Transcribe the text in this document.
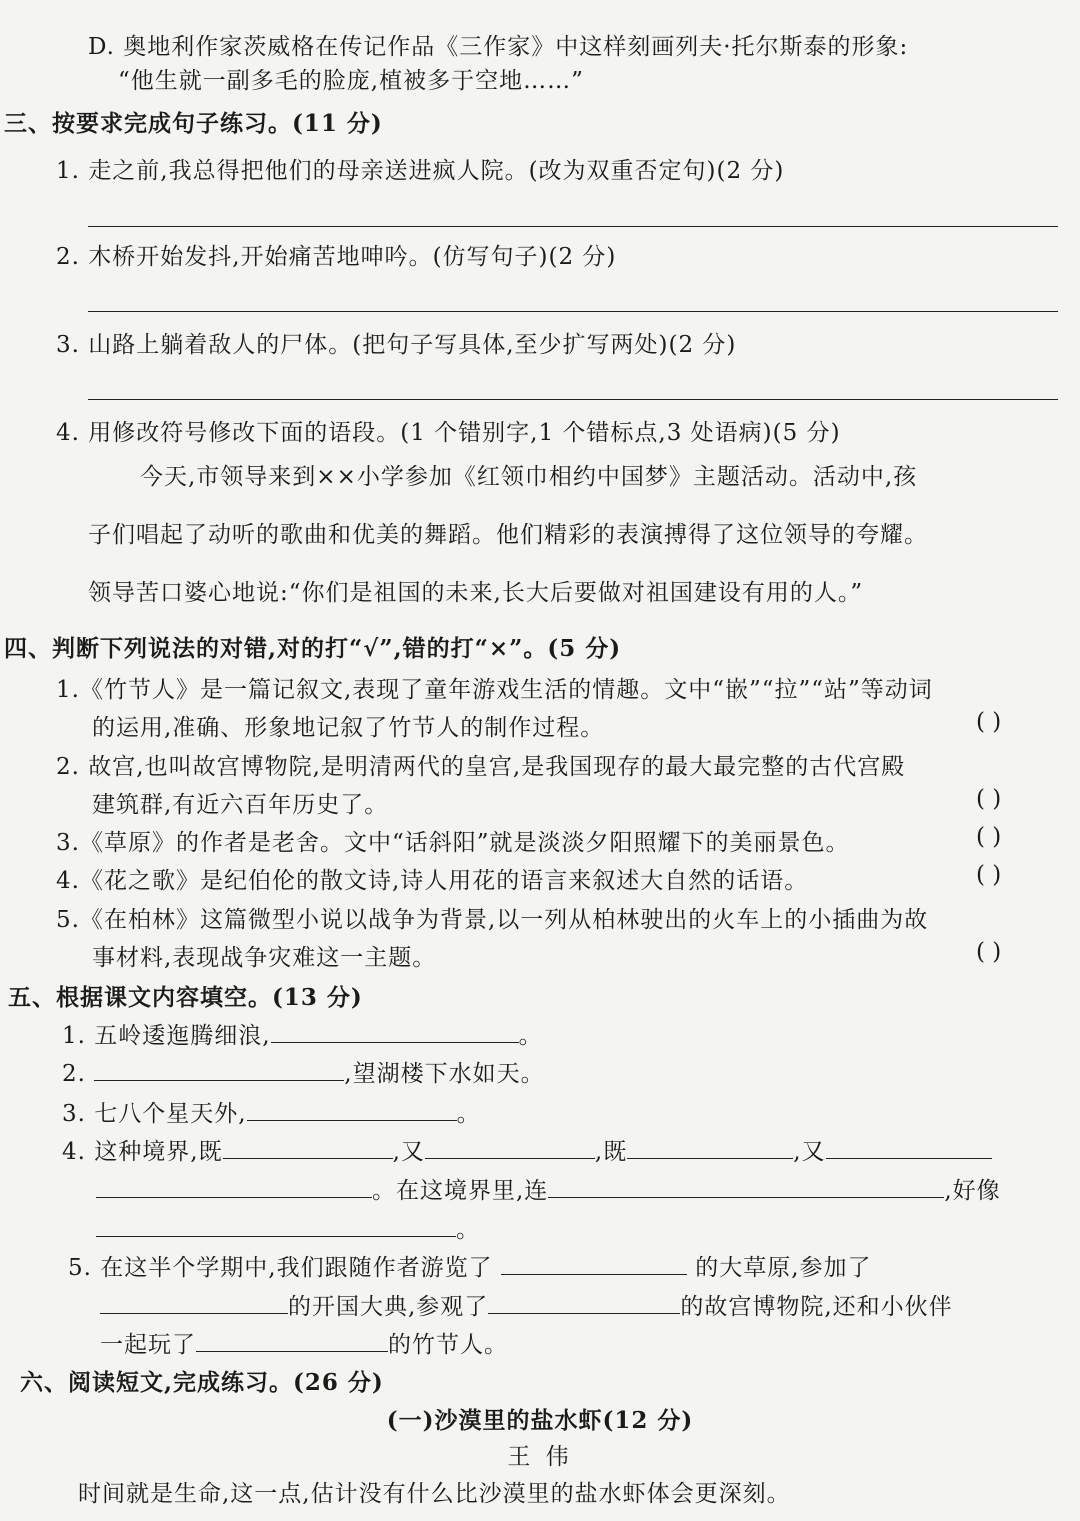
D. 奥地利作家茨威格在传记作品《三作家》中这样刻画列夫·托尔斯泰的形象:
“他生就一副多毛的脸庞,植被多于空地……”
三、按要求完成句子练习。(11 分)
1. 走之前,我总得把他们的母亲送进疯人院。(改为双重否定句)(2 分)
2. 木桥开始发抖,开始痛苦地呻吟。(仿写句子)(2 分)
3. 山路上躺着敌人的尸体。(把句子写具体,至少扩写两处)(2 分)
4. 用修改符号修改下面的语段。(1 个错别字,1 个错标点,3 处语病)(5 分)
今天,市领导来到××小学参加《红领巾相约中国梦》主题活动。活动中,孩
子们唱起了动听的歌曲和优美的舞蹈。他们精彩的表演搏得了这位领导的夸耀。
领导苦口婆心地说:“你们是祖国的未来,长大后要做对祖国建设有用的人。”
四、判断下列说法的对错,对的打“√”,错的打“×”。(5 分)
1.《竹节人》是一篇记叙文,表现了童年游戏生活的情趣。文中“嵌”“拉”“站”等动词
的运用,准确、形象地记叙了竹节人的制作过程。	( )
2. 故宫,也叫故宫博物院,是明清两代的皇宫,是我国现存的最大最完整的古代宫殿
建筑群,有近六百年历史了。	( )
3.《草原》的作者是老舍。文中“话斜阳”就是淡淡夕阳照耀下的美丽景色。	( )
4.《花之歌》是纪伯伦的散文诗,诗人用花的语言来叙述大自然的话语。	( )
5.《在柏林》这篇微型小说以战争为背景,以一列从柏林驶出的火车上的小插曲为故
事材料,表现战争灾难这一主题。	( )
五、根据课文内容填空。(13 分)
1. 五岭逶迤腾细浪,	。
2.	,望湖楼下水如天。
3. 七八个星天外,	。
4. 这种境界,既	,又	,既	,又
。在这境界里,连	,好像
。
5. 在这半个学期中,我们跟随作者游览了	的大草原,参加了
的开国大典,参观了	的故宫博物院,还和小伙伴
一起玩了	的竹节人。
六、阅读短文,完成练习。(26 分)
(一)沙漠里的盐水虾(12 分)
王 伟
时间就是生命,这一点,估计没有什么比沙漠里的盐水虾体会更深刻。
